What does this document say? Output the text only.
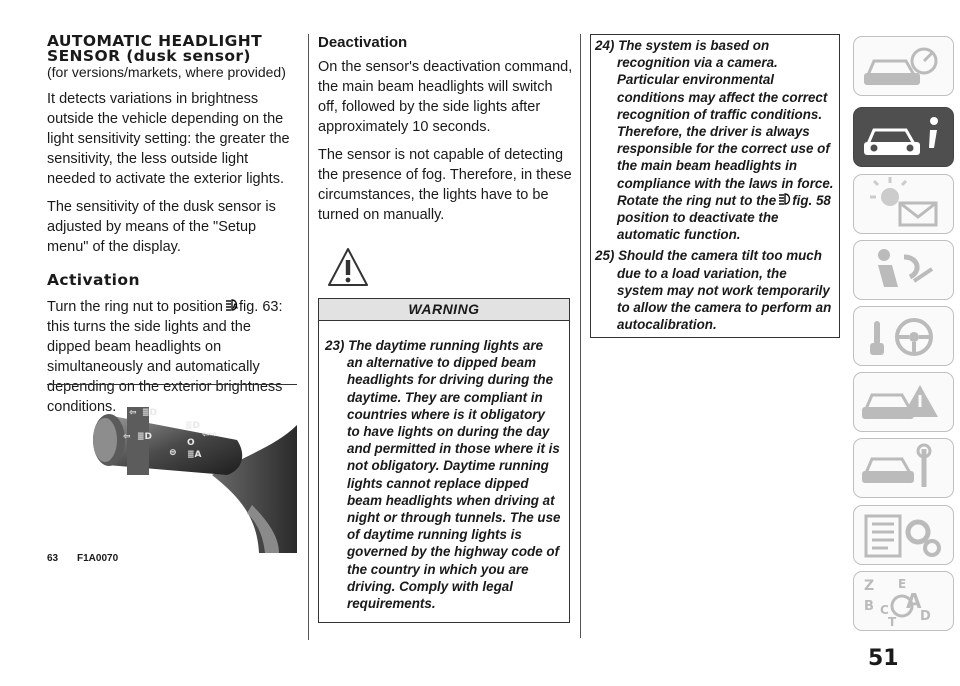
AUTOMATIC HEADLIGHT SENSOR (dusk sensor)
(for versions/markets, where provided)

It detects variations in brightness outside the vehicle depending on the light sensitivity setting: the greater the sensitivity, the less outside light needed to activate the exterior lights.

The sensitivity of the dusk sensor is adjusted by means of the "Setup menu" of the display.

Activation

Turn the ring nut to position A fig. 63: this turns the side lights and the dipped beam headlights on simultaneously and automatically depending on the exterior brightness conditions.	⇦ ≣D
⇦ ≣D
≣D
O
⇦⇨
⊜ ≣A
63 F1A0070
Deactivation

On the sensor's deactivation command, the main beam headlights will switch off, followed by the side lights after approximately 10 seconds.

The sensor is not capable of detecting the presence of fog. Therefore, in these circumstances, the lights have to be turned on manually.

WARNING
23) The daytime running lights are an alternative to dipped beam headlights for driving during the daytime. They are compliant in countries where is it obligatory to have lights on during the day and permitted in those where it is not obligatory. Daytime running lights cannot replace dipped beam headlights when driving at night or through tunnels. The use of daytime running lights is governed by the highway code of the country in which you are driving. Comply with legal requirements.
24) The system is based on recognition via a camera. Particular environmental conditions may affect the correct recognition of traffic conditions. Therefore, the driver is always responsible for the correct use of the main beam headlights in compliance with the laws in force. Rotate the ring nut to the fig. 58 position to deactivate the automatic function.
25) Should the camera tilt too much due to a load variation, the system may not work temporarily to allow the camera to perform an autocalibration.
Z E
A
B C D
T
51
